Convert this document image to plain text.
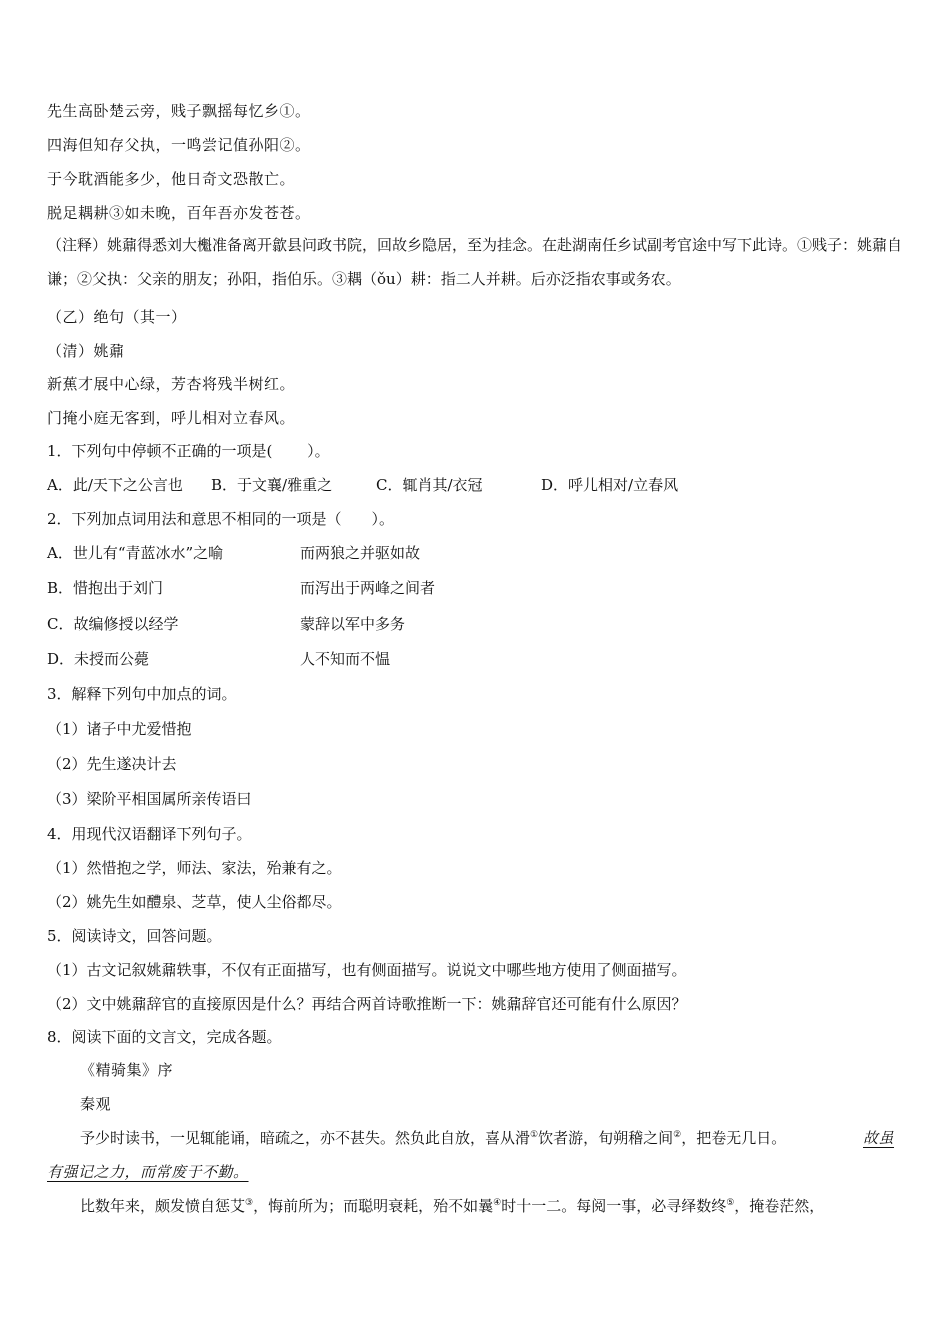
先生高卧楚云旁，贱子飘摇每忆乡①。
四海但知存父执，一鸣尝记值孙阳②。
于今耽酒能多少，他日奇文恐散亡。
脱足耦耕③如未晚，百年吾亦发苍苍。
（注释）姚鼐得悉刘大櫆准备离开歙县问政书院，回故乡隐居，至为挂念。在赴湖南任乡试副考官途中写下此诗。①贱子：姚鼐自谦；②父执：父亲的朋友；孙阳，指伯乐。③耦（ǒu）耕：指二人并耕。后亦泛指农事或务农。
（乙）绝句（其一）
（清）姚鼐
新蕉才展中心绿，芳杏将残半树红。
门掩小庭无客到，呼儿相对立春风。
1．下列句中停顿不正确的一项是(　　 ）。
A．此/天下之公言也 B．于文襄/雅重之	C．辄肖其/衣冠	D．呼儿相对/立春风
2．下列加点词用法和意思不相同的一项是（　　）。
A．世儿有“青蓝冰水”之喻	而两狼之并驱如故
B．惜抱出于刘门	而泻出于两峰之间者
C．故编修授以经学	蒙辞以军中多务
D．未授而公薨	人不知而不愠
3．解释下列句中加点的词。
（1）诸子中尤爱惜抱
（2）先生遂决计去
（3）梁阶平相国属所亲传语曰
4．用现代汉语翻译下列句子。
（1）然惜抱之学，师法、家法，殆兼有之。
（2）姚先生如醴泉、芝草，使人尘俗都尽。
5．阅读诗文，回答问题。
（1）古文记叙姚鼐轶事，不仅有正面描写，也有侧面描写。说说文中哪些地方使用了侧面描写。
（2）文中姚鼐辞官的直接原因是什么？再结合两首诗歌推断一下：姚鼐辞官还可能有什么原因？
8．阅读下面的文言文，完成各题。
《精骑集》序
秦观
予少时读书，一见辄能诵，暗疏之，亦不甚失。然负此自放，喜从滑①饮者游，旬朔稽之间②，把卷无几日。	故虽
有强记之力，而常废于不勤。
比数年来，颇发愤自惩艾③，悔前所为；而聪明衰耗，殆不如曩④时十一二。每阅一事，必寻绎数终⑤，掩卷茫然，
